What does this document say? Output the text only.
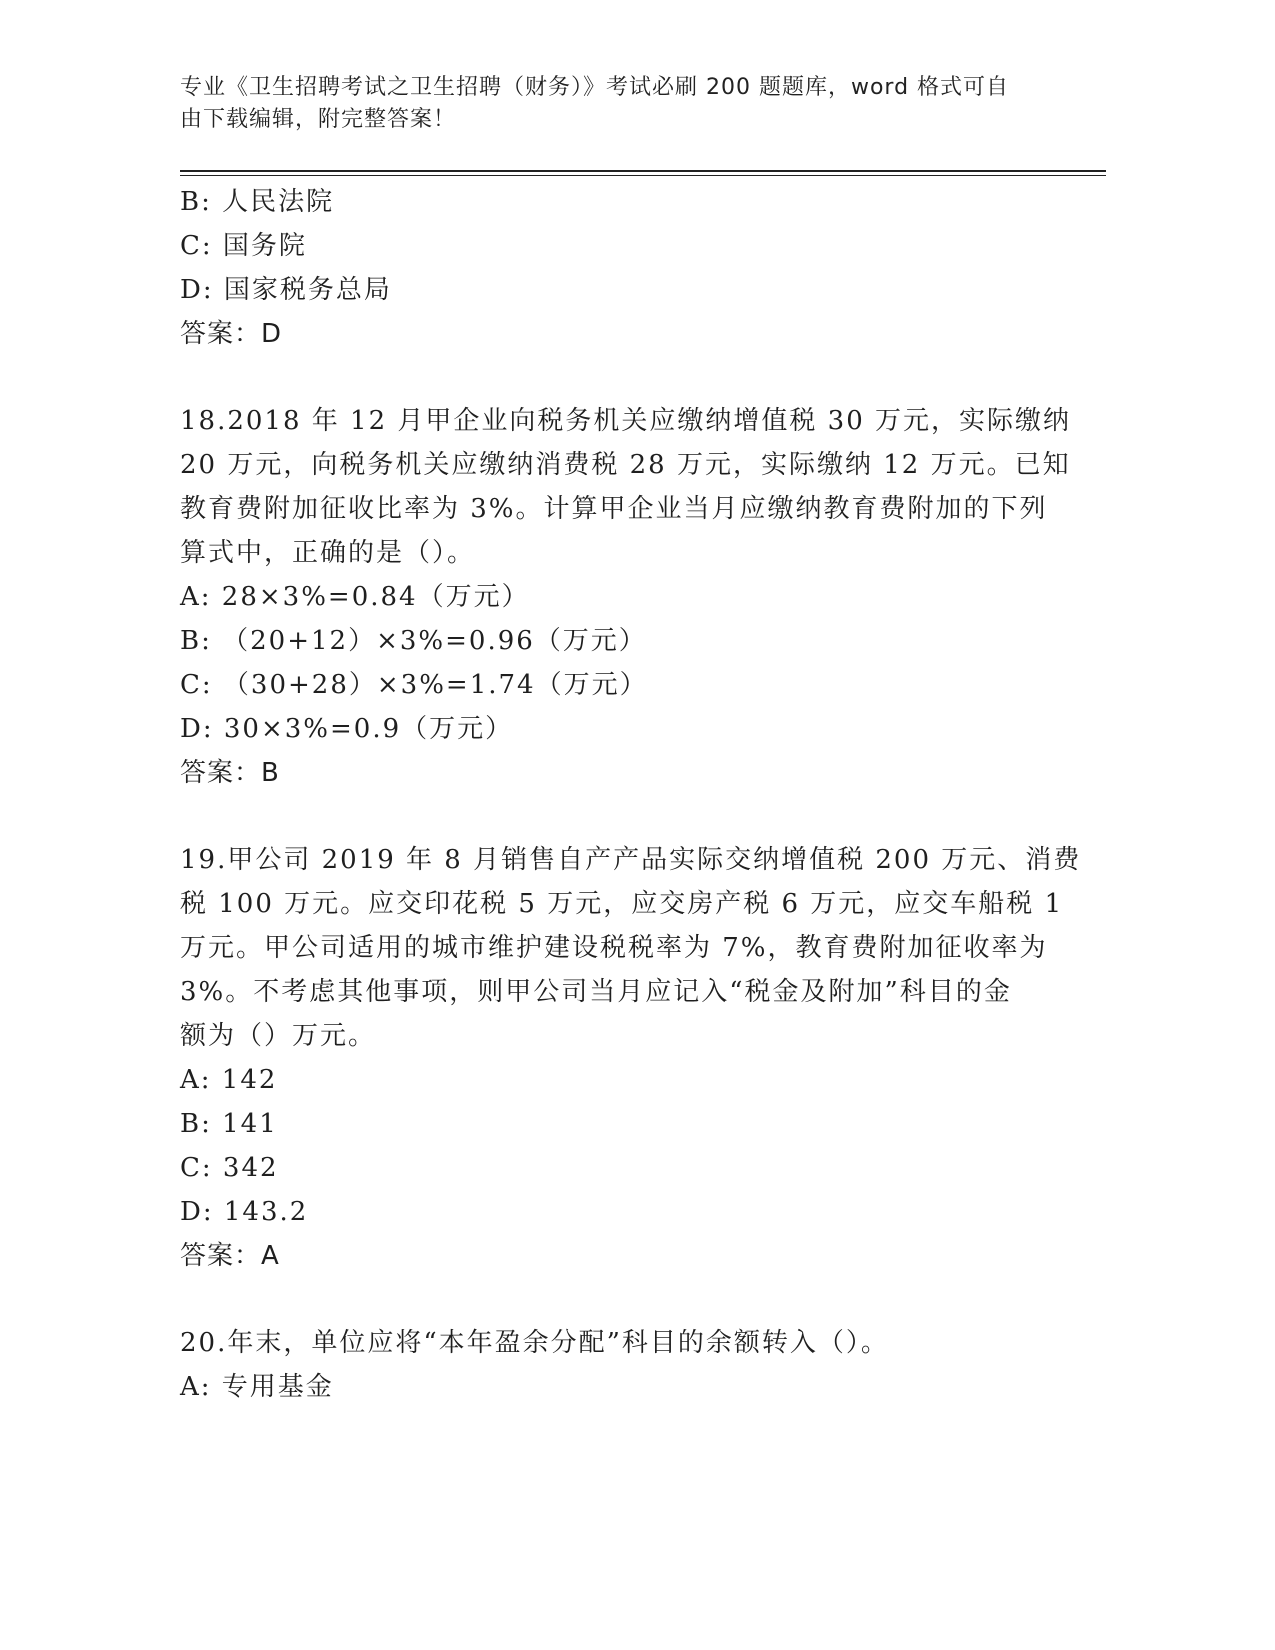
专业《卫生招聘考试之卫生招聘（财务）》考试必刷 200 题题库，word 格式可自
由下载编辑，附完整答案！
B: 人民法院
C: 国务院
D: 国家税务总局
答案：D
18.2018 年 12 月甲企业向税务机关应缴纳增值税 30 万元，实际缴纳
20 万元，向税务机关应缴纳消费税 28 万元，实际缴纳 12 万元。已知
教育费附加征收比率为 3%。计算甲企业当月应缴纳教育费附加的下列
算式中，正确的是（）。
A: 28×3%=0.84（万元）
B: （20+12）×3%=0.96（万元）
C: （30+28）×3%=1.74（万元）
D: 30×3%=0.9（万元）
答案：B
19.甲公司 2019 年 8 月销售自产产品实际交纳增值税 200 万元、消费
税 100 万元。应交印花税 5 万元，应交房产税 6 万元，应交车船税 1
万元。甲公司适用的城市维护建设税税率为 7%，教育费附加征收率为
3%。不考虑其他事项，则甲公司当月应记入“税金及附加”科目的金
额为（）万元。
A: 142
B: 141
C: 342
D: 143.2
答案：A
20.年末，单位应将“本年盈余分配”科目的余额转入（）。
A: 专用基金
